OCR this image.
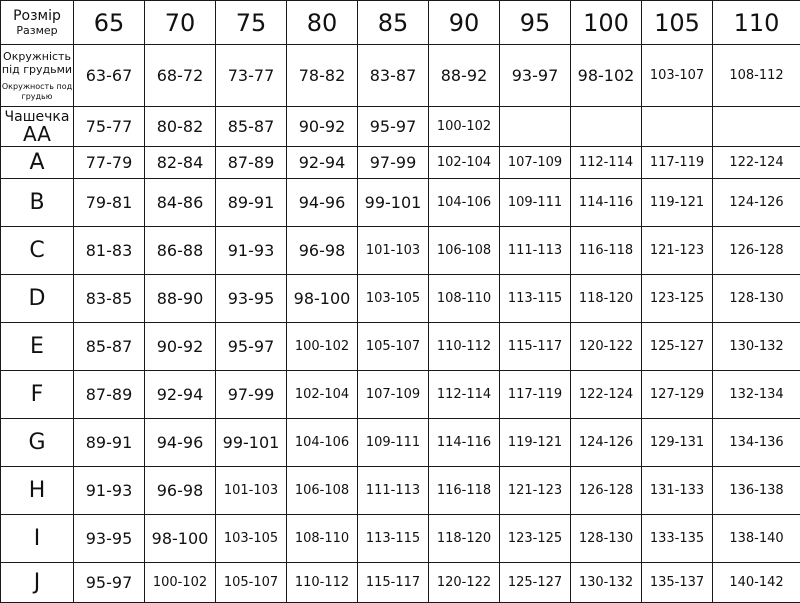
Розмір
Размер	65	70	75	80	85	90	95	100	105	110

Окружність під грудьми
Окружность под грудью	63-67	68-72	73-77	78-82	83-87	88-92	93-97	98-102	103-107	108-112

Чашечка
AA	75-77	80-82	85-87	90-92	95-97	100-102				
A	77-79	82-84	87-89	92-94	97-99	102-104	107-109	112-114	117-119	122-124
B	79-81	84-86	89-91	94-96	99-101	104-106	109-111	114-116	119-121	124-126
C	81-83	86-88	91-93	96-98	101-103	106-108	111-113	116-118	121-123	126-128
D	83-85	88-90	93-95	98-100	103-105	108-110	113-115	118-120	123-125	128-130
E	85-87	90-92	95-97	100-102	105-107	110-112	115-117	120-122	125-127	130-132
F	87-89	92-94	97-99	102-104	107-109	112-114	117-119	122-124	127-129	132-134
G	89-91	94-96	99-101	104-106	109-111	114-116	119-121	124-126	129-131	134-136
H	91-93	96-98	101-103	106-108	111-113	116-118	121-123	126-128	131-133	136-138
I	93-95	98-100	103-105	108-110	113-115	118-120	123-125	128-130	133-135	138-140
J	95-97	100-102	105-107	110-112	115-117	120-122	125-127	130-132	135-137	140-142
